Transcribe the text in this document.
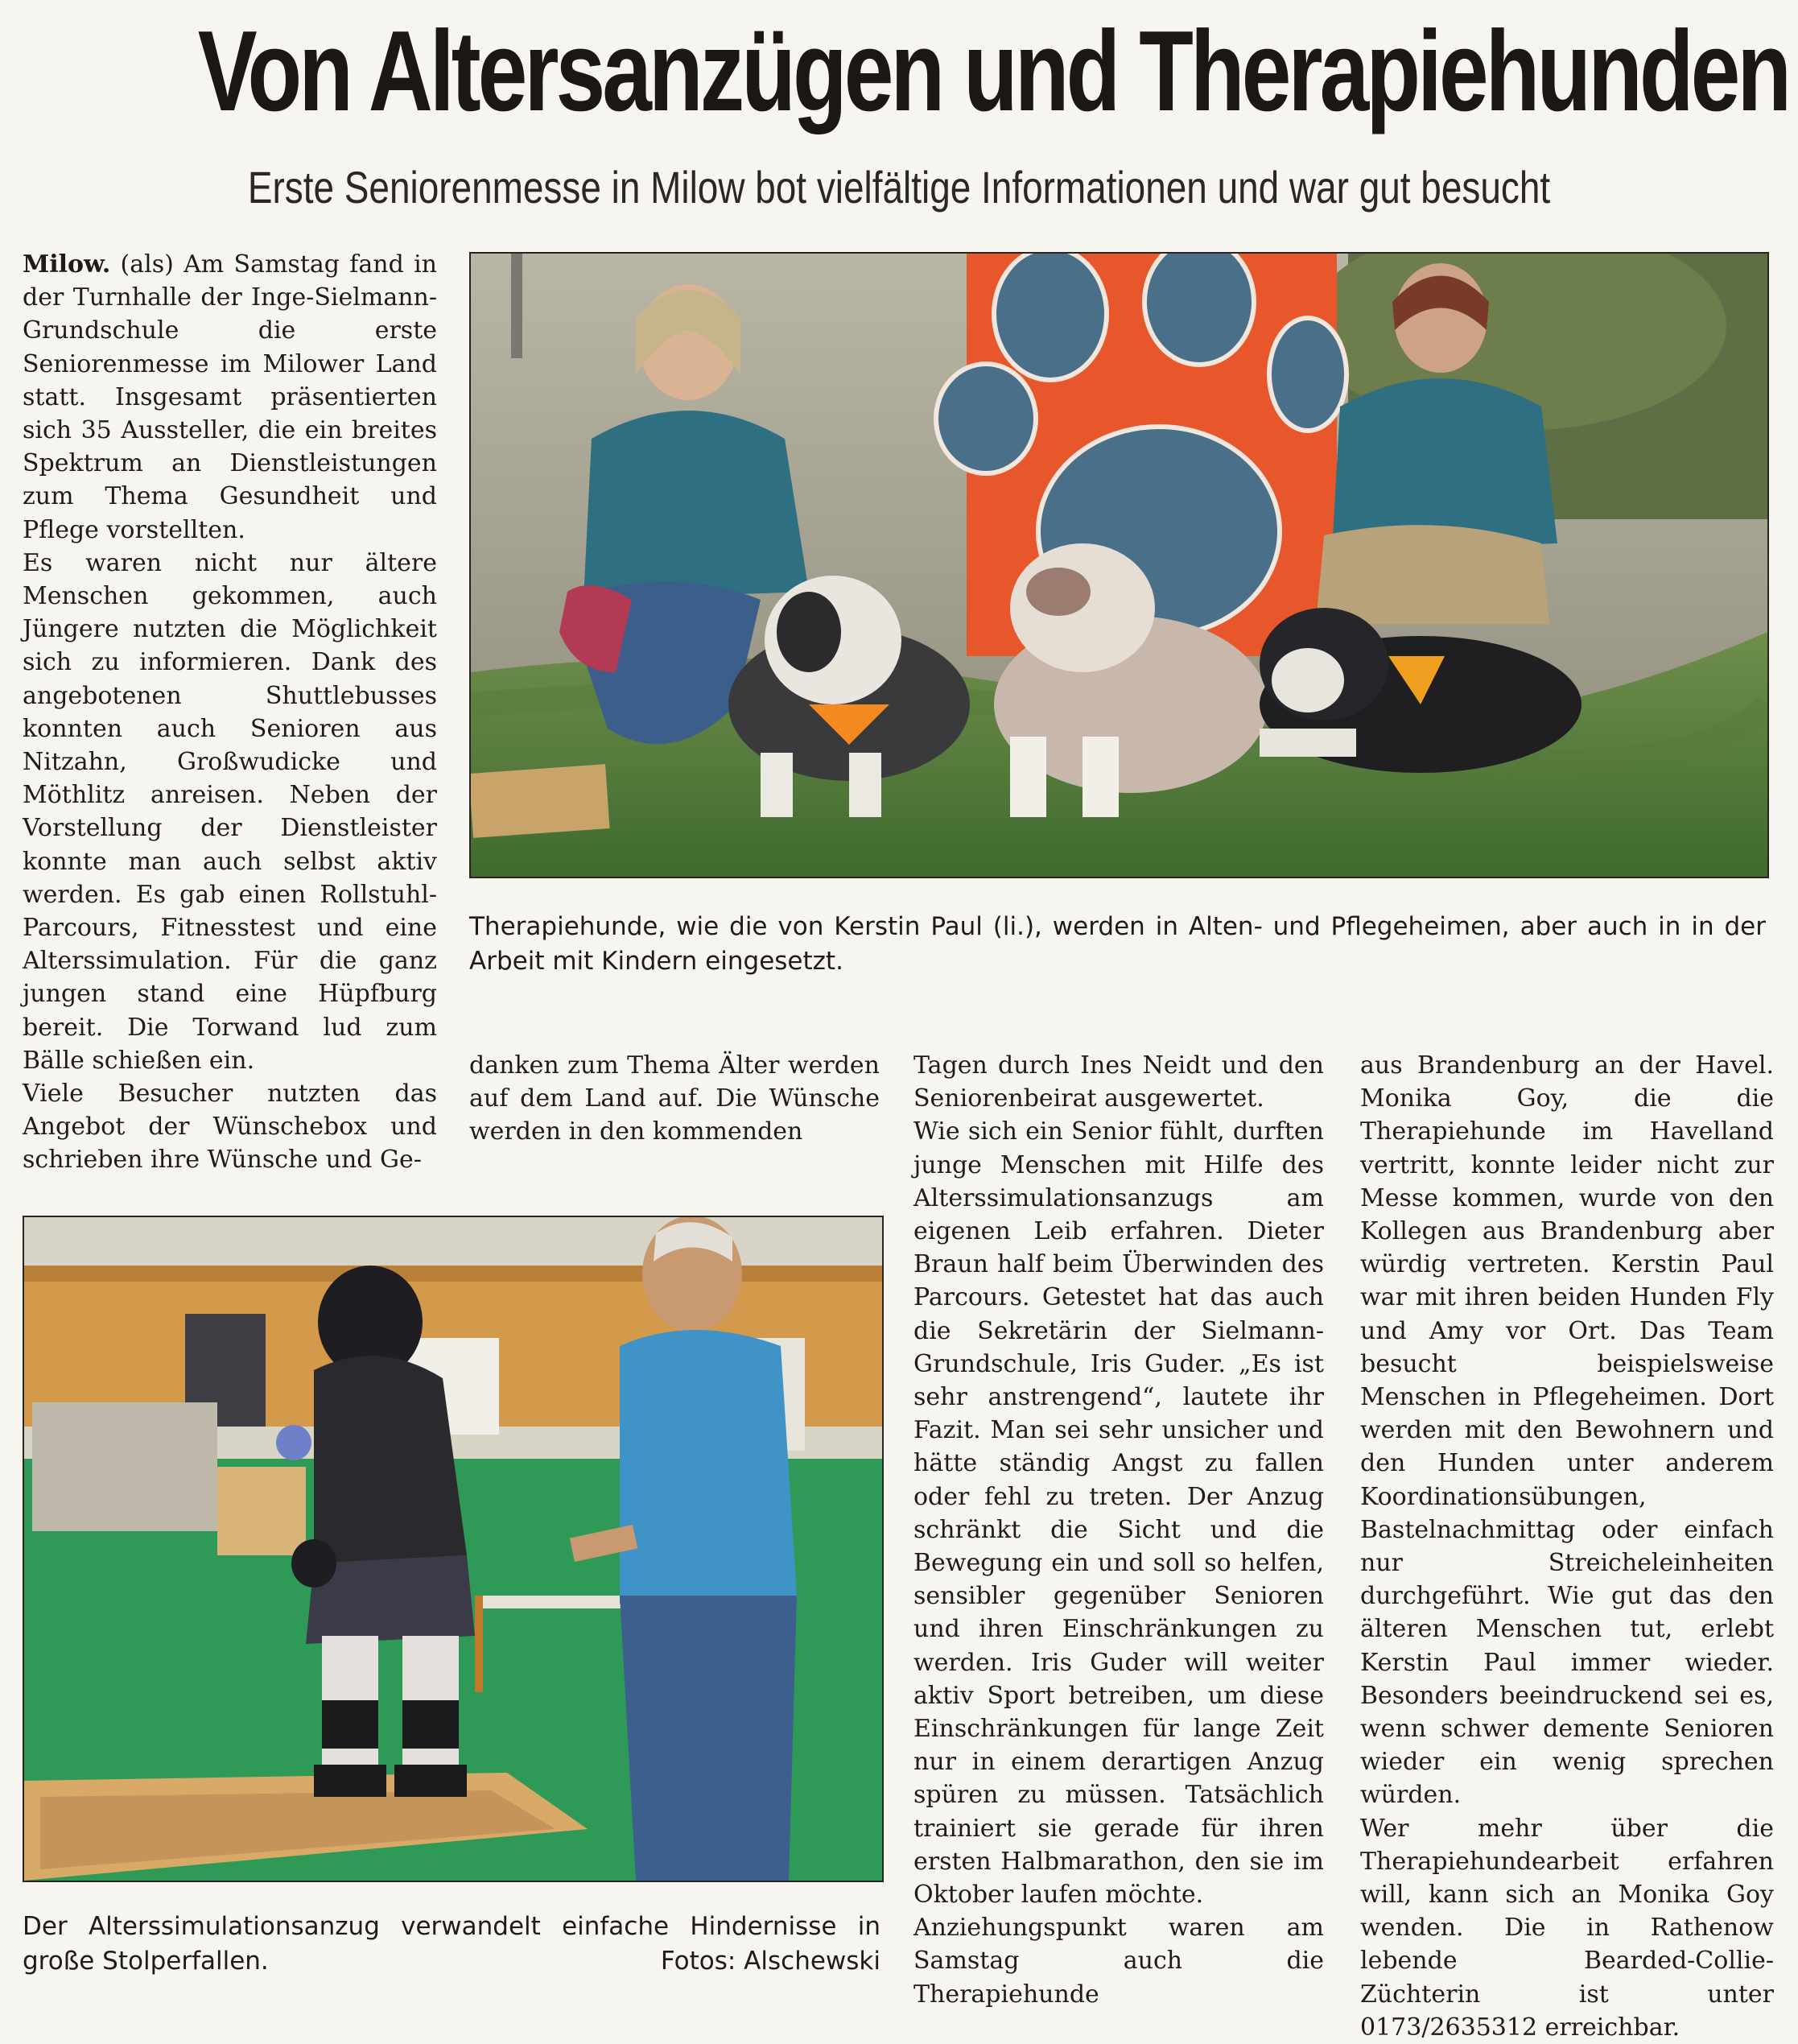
Von Altersanzügen und Therapiehunden
Erste Seniorenmesse in Milow bot vielfältige Informationen und war gut besucht

Milow. (als) Am Samstag fand in der Turnhalle der Inge-Sielmann-Grundschule die erste Seniorenmesse im Milower Land statt. Insgesamt präsentierten sich 35 Aussteller, die ein breites Spektrum an Dienstleistungen zum Thema Gesundheit und Pflege vorstellten.

Es waren nicht nur ältere Menschen gekommen, auch Jüngere nutzten die Möglichkeit sich zu informieren. Dank des angebotenen Shuttlebusses konnten auch Senioren aus Nitzahn, Großwudicke und Möthlitz anreisen. Neben der Vorstellung der Dienstleister konnte man auch selbst aktiv werden. Es gab einen Rollstuhl-Parcours, Fitnesstest und eine Alterssimulation. Für die ganz jungen stand eine Hüpfburg bereit. Die Torwand lud zum Bälle schießen ein.

Viele Besucher nutzten das Angebot der Wünschebox und schrieben ihre Wünsche und Ge-

Therapiehunde, wie die von Kerstin Paul (li.), werden in Alten- und Pflegeheimen, aber auch in in der Arbeit mit Kindern eingesetzt.

danken zum Thema Älter werden auf dem Land auf. Die Wünsche werden in den kommenden

Tagen durch Ines Neidt und den Seniorenbeirat ausgewertet.

Wie sich ein Senior fühlt, durften junge Menschen mit Hilfe des Alterssimulationsanzugs am eigenen Leib erfahren. Dieter Braun half beim Überwinden des Parcours. Getestet hat das auch die Sekretärin der Sielmann-Grundschule, Iris Guder. „Es ist sehr anstrengend“, lautete ihr Fazit. Man sei sehr unsicher und hätte ständig Angst zu fallen oder fehl zu treten. Der Anzug schränkt die Sicht und die Bewegung ein und soll so helfen, sensibler gegenüber Senioren und ihren Einschränkungen zu werden. Iris Guder will weiter aktiv Sport betreiben, um diese Einschränkungen für lange Zeit nur in einem derartigen Anzug spüren zu müssen. Tatsächlich trainiert sie gerade für ihren ersten Halbmarathon, den sie im Oktober laufen möchte.

Anziehungspunkt waren am Samstag auch die Therapiehunde

aus Brandenburg an der Havel. Monika Goy, die die Therapiehunde im Havelland vertritt, konnte leider nicht zur Messe kommen, wurde von den Kollegen aus Brandenburg aber würdig vertreten. Kerstin Paul war mit ihren beiden Hunden Fly und Amy vor Ort. Das Team besucht beispielsweise Menschen in Pflegeheimen. Dort werden mit den Bewohnern und den Hunden unter anderem Koordinationsübungen, Bastelnachmittag oder einfach nur Streicheleinheiten durchgeführt. Wie gut das den älteren Menschen tut, erlebt Kerstin Paul immer wieder. Besonders beeindruckend sei es, wenn schwer demente Senioren wieder ein wenig sprechen würden.

Wer mehr über die Therapiehundearbeit erfahren will, kann sich an Monika Goy wenden. Die in Rathenow lebende Bearded-Collie-Züchterin ist unter 0173/2635312 erreichbar.

Der Alterssimulationsanzug verwandelt einfache Hindernisse in große Stolperfallen.	Fotos: Alschewski
